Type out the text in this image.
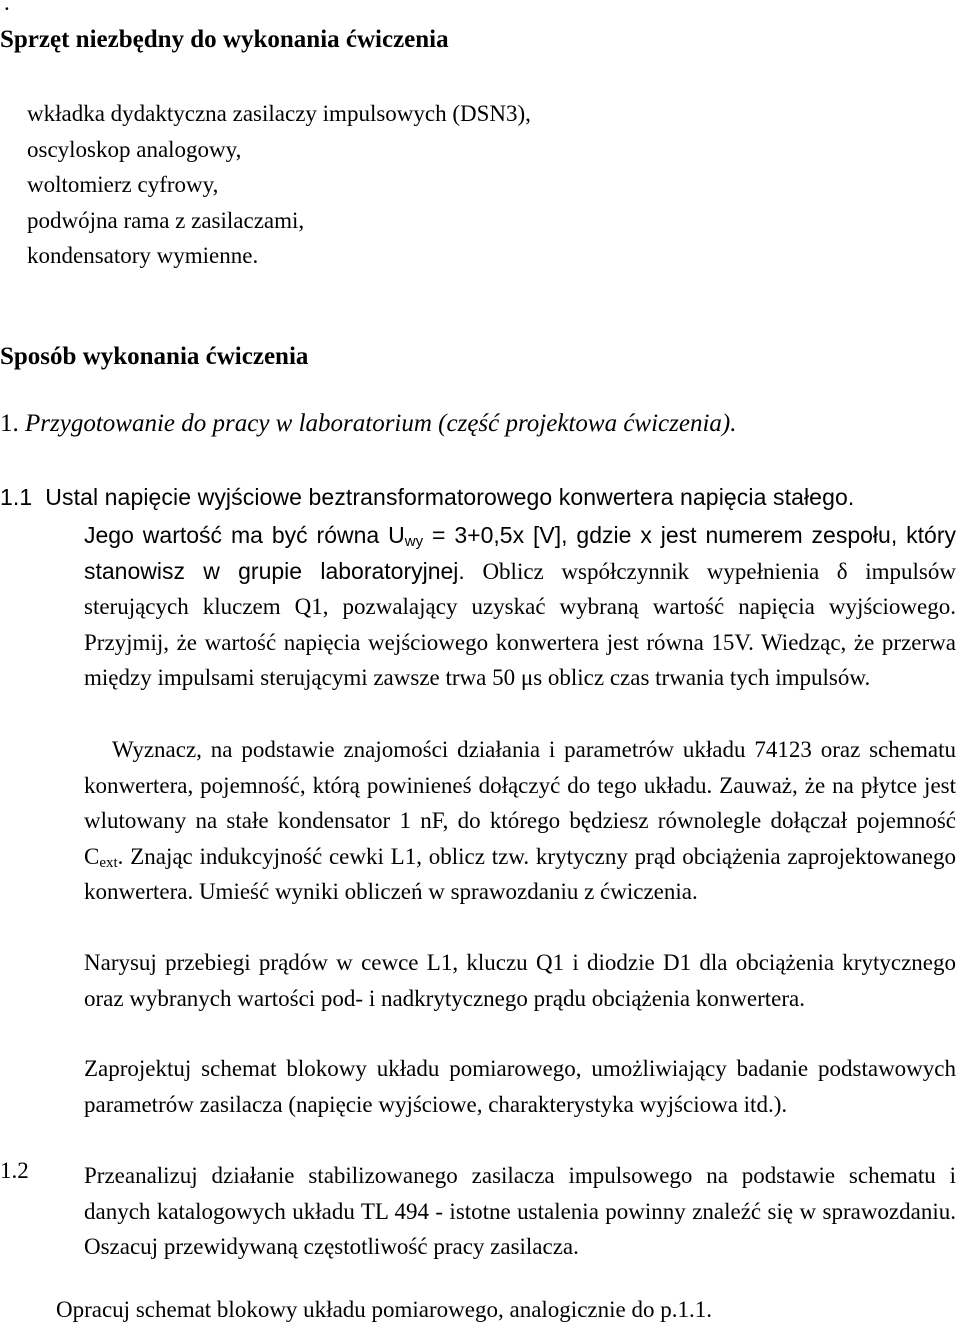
.
Sprzęt niezbędny do wykonania ćwiczenia
wkładka dydaktyczna zasilaczy impulsowych (DSN3),
oscyloskop analogowy,
woltomierz cyfrowy,
podwójna rama z zasilaczami,
kondensatory wymienne.
Sposób wykonania ćwiczenia
1. Przygotowanie do pracy w laboratorium (część projektowa ćwiczenia).
1.1 Ustal napięcie wyjściowe beztransformatorowego konwertera napięcia stałego.
Jego wartość ma być równa $U_{wy} = 3+0,5x$ [V], gdzie x jest numerem zespołu, który stanowisz w grupie laboratoryjnej. Oblicz współczynnik wypełnienia δ impulsów sterujących kluczem Q1, pozwalający uzyskać wybraną wartość napięcia wyjściowego. Przyjmij, że wartość napięcia wejściowego konwertera jest równa 15V. Wiedząc, że przerwa między impulsami sterującymi zawsze trwa 50 μs oblicz czas trwania tych impulsów.
Wyznacz, na podstawie znajomości działania i parametrów układu 74123 oraz schematu konwertera, pojemność, którą powinieneś dołączyć do tego układu. Zauważ, że na płytce jest wlutowany na stałe kondensator 1 nF, do którego będziesz równolegle dołączał pojemność $C_{ext}$. Znając indukcyjność cewki L1, oblicz tzw. krytyczny prąd obciążenia zaprojektowanego konwertera. Umieść wyniki obliczeń w sprawozdaniu z ćwiczenia.
Narysuj przebiegi prądów w cewce L1, kluczu Q1 i diodzie D1 dla obciążenia krytycznego oraz wybranych wartości pod- i nadkrytycznego prądu obciążenia konwertera.
Zaprojektuj schemat blokowy układu pomiarowego, umożliwiający badanie podstawowych parametrów zasilacza (napięcie wyjściowe, charakterystyka wyjściowa itd.).
1.2 Przeanalizuj działanie stabilizowanego zasilacza impulsowego na podstawie schematu i danych katalogowych układu TL 494 - istotne ustalenia powinny znaleźć się w sprawozdaniu. Oszacuj przewidywaną częstotliwość pracy zasilacza.
Opracuj schemat blokowy układu pomiarowego, analogicznie do p.1.1.
